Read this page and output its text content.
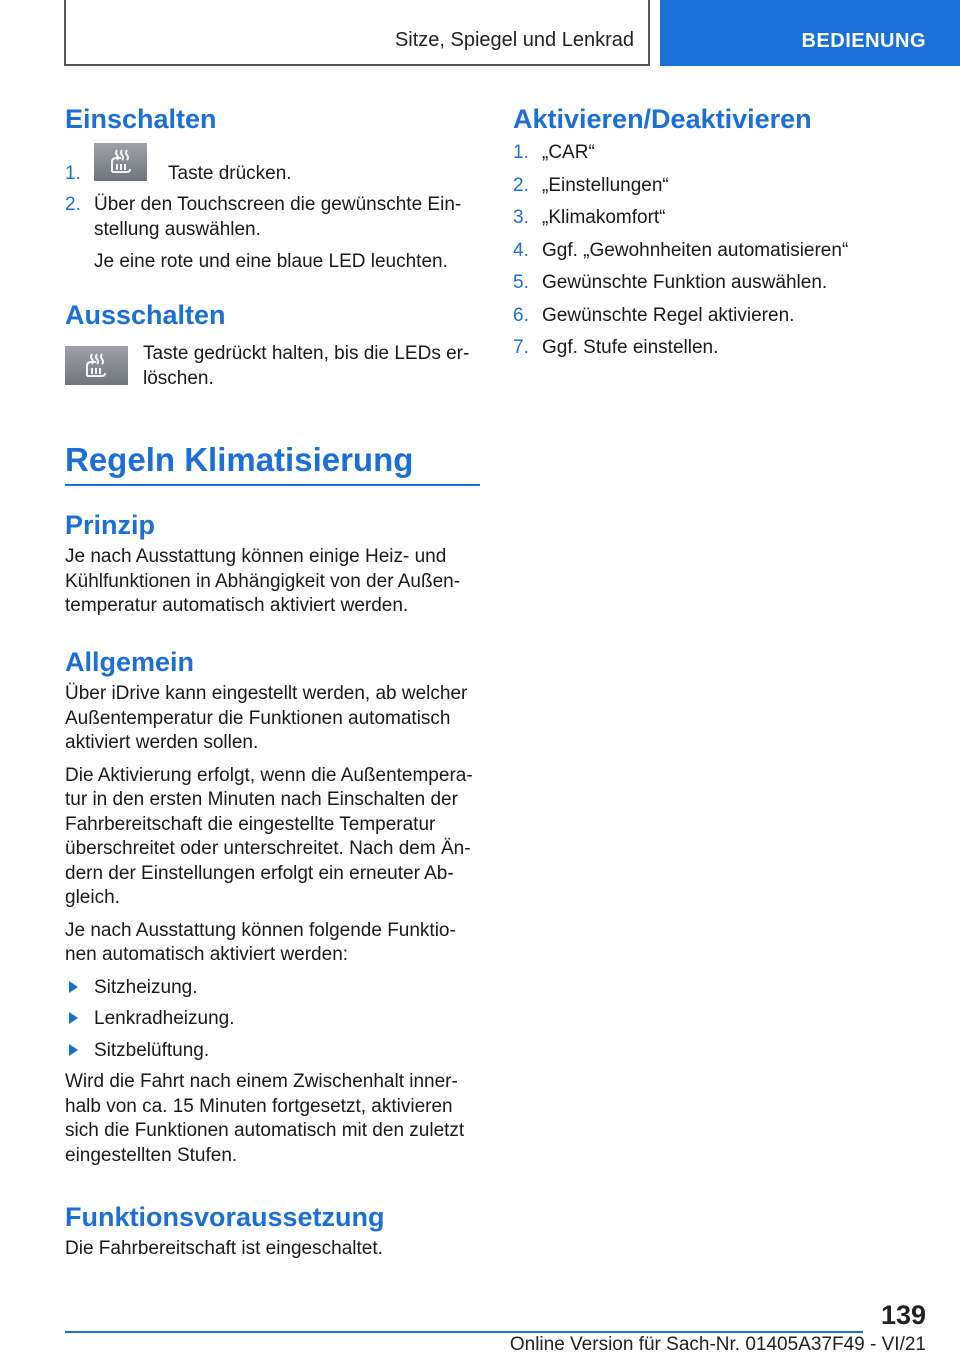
Sitze, Spiegel und Lenkrad	BEDIENUNG
Einschalten
1.	Taste drücken.
2. Über den Touchscreen die gewünschte Ein-stellung auswählen.

Je eine rote und eine blaue LED leuchten.

Ausschalten

Taste gedrückt halten, bis die LEDs er-löschen.

Regeln Klimatisierung
Prinzip

Je nach Ausstattung können einige Heiz- und Kühlfunktionen in Abhängigkeit von der Außen-temperatur automatisch aktiviert werden.

Allgemein

Über iDrive kann eingestellt werden, ab welcher Außentemperatur die Funktionen automatisch aktiviert werden sollen.

Die Aktivierung erfolgt, wenn die Außentempera-tur in den ersten Minuten nach Einschalten der Fahrbereitschaft die eingestellte Temperatur überschreitet oder unterschreitet. Nach dem Än-dern der Einstellungen erfolgt ein erneuter Ab-gleich.

Je nach Ausstattung können folgende Funktio-nen automatisch aktiviert werden:

Sitzheizung.
Lenkradheizung.
Sitzbelüftung.

Wird die Fahrt nach einem Zwischenhalt inner-halb von ca. 15 Minuten fortgesetzt, aktivieren sich die Funktionen automatisch mit den zuletzt eingestellten Stufen.

Funktionsvoraussetzung

Die Fahrbereitschaft ist eingeschaltet.

Aktivieren/Deaktivieren
1. „CAR“
2. „Einstellungen“
3. „Klimakomfort“
4. Ggf. „Gewohnheiten automatisieren“
5. Gewünschte Funktion auswählen.
6. Gewünschte Regel aktivieren.
7. Ggf. Stufe einstellen.
139
Online Version für Sach-Nr. 01405A37F49 - VI/21
